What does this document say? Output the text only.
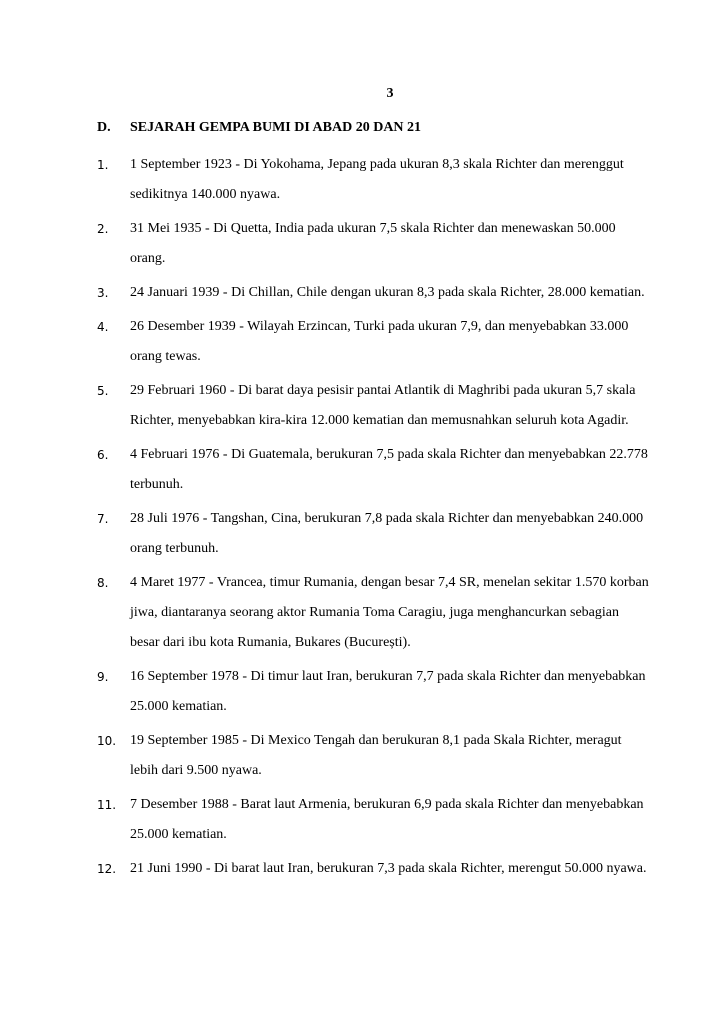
3
D. SEJARAH GEMPA BUMI DI ABAD 20 DAN 21
1.	1 September 1923 - Di Yokohama, Jepang pada ukuran 8,3 skala Richter dan merenggut sedikitnya 140.000 nyawa.
2.	31 Mei 1935 - Di Quetta, India pada ukuran 7,5 skala Richter dan menewaskan 50.000 orang.
3.	24 Januari 1939 - Di Chillan, Chile dengan ukuran 8,3 pada skala Richter, 28.000 kematian.
4.	26 Desember 1939 - Wilayah Erzincan, Turki pada ukuran 7,9, dan menyebabkan 33.000 orang tewas.
5.	29 Februari 1960 - Di barat daya pesisir pantai Atlantik di Maghribi pada ukuran 5,7 skala Richter, menyebabkan kira-kira 12.000 kematian dan memusnahkan seluruh kota Agadir.
6.	4 Februari 1976 - Di Guatemala, berukuran 7,5 pada skala Richter dan menyebabkan 22.778 terbunuh.
7.	28 Juli 1976 - Tangshan, Cina, berukuran 7,8 pada skala Richter dan menyebabkan 240.000 orang terbunuh.
8.	4 Maret 1977 - Vrancea, timur Rumania, dengan besar 7,4 SR, menelan sekitar 1.570 korban jiwa, diantaranya seorang aktor Rumania Toma Caragiu, juga menghancurkan sebagian besar dari ibu kota Rumania, Bukares (București).
9.	16 September 1978 - Di timur laut Iran, berukuran 7,7 pada skala Richter dan menyebabkan 25.000 kematian.
10. 19 September 1985 - Di Mexico Tengah dan berukuran 8,1 pada Skala Richter, meragut lebih dari 9.500 nyawa.
11. 7 Desember 1988 - Barat laut Armenia, berukuran 6,9 pada skala Richter dan menyebabkan 25.000 kematian.
12. 21 Juni 1990 - Di barat laut Iran, berukuran 7,3 pada skala Richter, merengut 50.000 nyawa.
